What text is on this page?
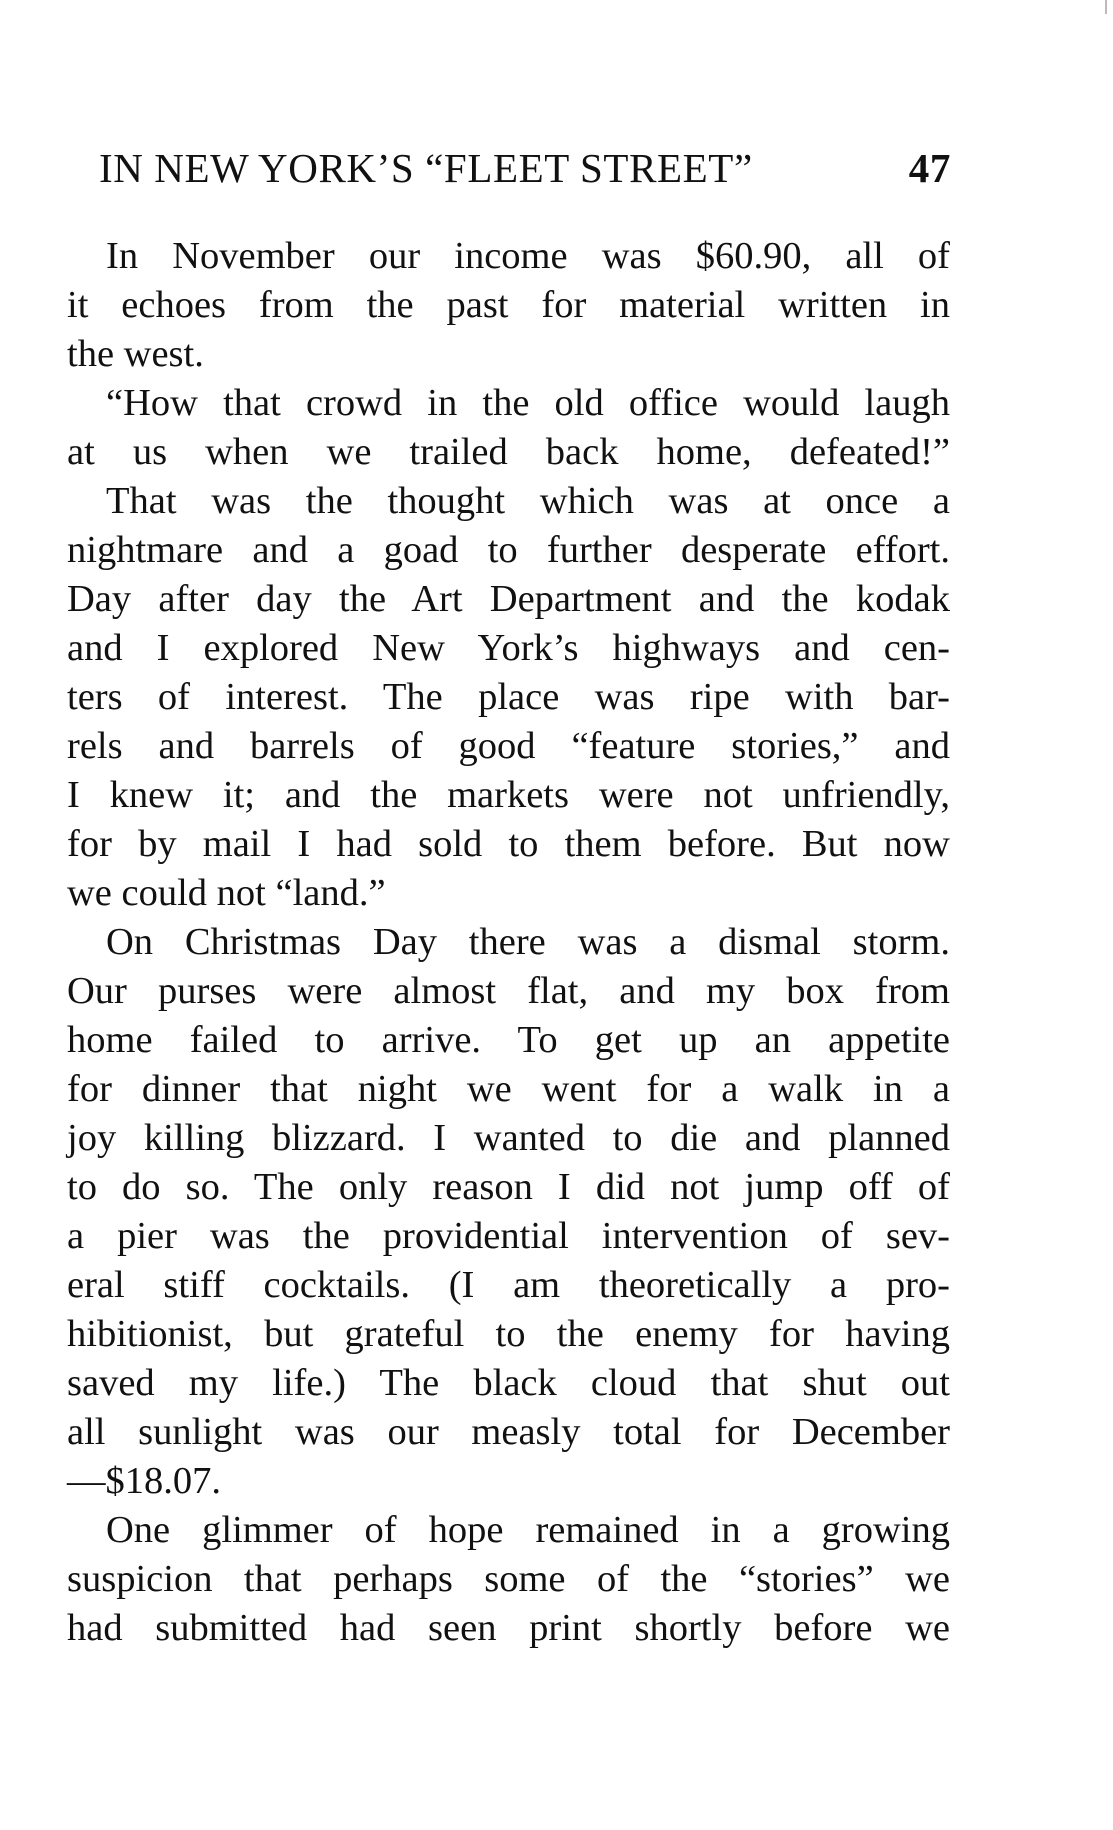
IN NEW YORK’S “FLEET STREET”	47
In November our income was $60.90, all of
it echoes from the past for material written in
the west.
“How that crowd in the old office would laugh
at us when we trailed back home, defeated!”
That was the thought which was at once a
nightmare and a goad to further desperate effort.
Day after day the Art Department and the kodak
and I explored New York’s highways and cen-
ters of interest. The place was ripe with bar-
rels and barrels of good “feature stories,” and
I knew it; and the markets were not unfriendly,
for by mail I had sold to them before. But now
we could not “land.”
On Christmas Day there was a dismal storm.
Our purses were almost flat, and my box from
home failed to arrive. To get up an appetite
for dinner that night we went for a walk in a
joy killing blizzard. I wanted to die and planned
to do so. The only reason I did not jump off of
a pier was the providential intervention of sev-
eral stiff cocktails. (I am theoretically a pro-
hibitionist, but grateful to the enemy for having
saved my life.) The black cloud that shut out
all sunlight was our measly total for December
—$18.07.
One glimmer of hope remained in a growing
suspicion that perhaps some of the “stories” we
had submitted had seen print shortly before we
